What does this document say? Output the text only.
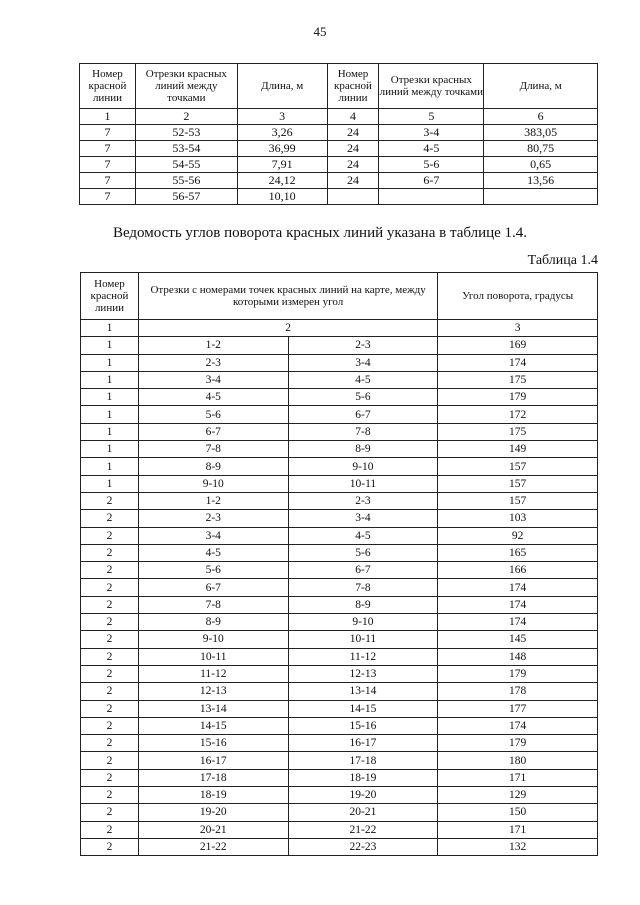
45
Номер красной линии	Отрезки красных линий между точками	Длина, м	Номер красной линии	Отрезки красных линий между точками	Длина, м
1	2	3	4	5	6
7	52-53	3,26	24	3-4	383,05
7	53-54	36,99	24	4-5	80,75
7	54-55	7,91	24	5-6	0,65
7	55-56	24,12	24	6-7	13,56
7	56-57	10,10			
Ведомость углов поворота красных линий указана в таблице 1.4.
Таблица 1.4
Номер красной линии	Отрезки с номерами точек красных линий на карте, между которыми измерен угол		Угол поворота, градусы
1	2		3
1	1-2	2-3	169
1	2-3	3-4	174
1	3-4	4-5	175
1	4-5	5-6	179
1	5-6	6-7	172
1	6-7	7-8	175
1	7-8	8-9	149
1	8-9	9-10	157
1	9-10	10-11	157
2	1-2	2-3	157
2	2-3	3-4	103
2	3-4	4-5	92
2	4-5	5-6	165
2	5-6	6-7	166
2	6-7	7-8	174
2	7-8	8-9	174
2	8-9	9-10	174
2	9-10	10-11	145
2	10-11	11-12	148
2	11-12	12-13	179
2	12-13	13-14	178
2	13-14	14-15	177
2	14-15	15-16	174
2	15-16	16-17	179
2	16-17	17-18	180
2	17-18	18-19	171
2	18-19	19-20	129
2	19-20	20-21	150
2	20-21	21-22	171
2	21-22	22-23	132
